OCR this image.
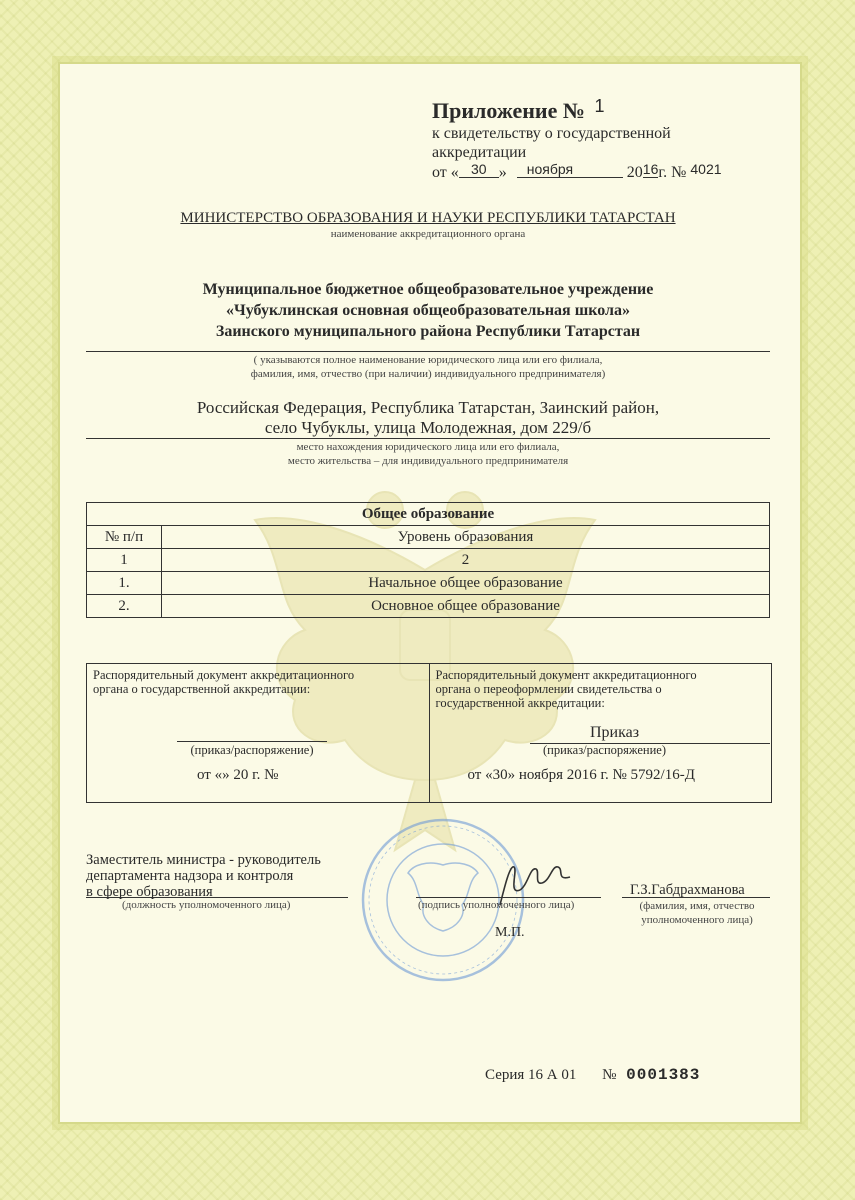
Приложение № $^1$
к свидетельству о государственной
аккредитации
от « 30 » ноября	2016г. № 4021
МИНИСТЕРСТВО ОБРАЗОВАНИЯ И НАУКИ РЕСПУБЛИКИ ТАТАРСТАН
наименование аккредитационного органа
Муниципальное бюджетное общеобразовательное учреждение
«Чубуклинская основная общеобразовательная школа»
Заинского муниципального района Республики Татарстан
( указываются полное наименование юридического лица или его филиала,
фамилия, имя, отчество (при наличии) индивидуального предпринимателя)
Российская Федерация, Республика Татарстан, Заинский район,
село Чубуклы, улица Молодежная, дом 229/б
место нахождения юридического лица или его филиала,
место жительства – для индивидуального предпринимателя
Общее образование	
№ п/п	Уровень образования
1	2
1.	Начальное общее образование
2.	Основное общее образование
Распорядительный документ аккредитационного
органа о государственной аккредитации:
(приказ/распоряжение)
от «» 20 г. №
Распорядительный документ аккредитационного
органа о переоформлении свидетельства о
государственной аккредитации:
Приказ
(приказ/распоряжение)
от «30» ноября 2016 г. № 5792/16-Д
Заместитель министра - руководитель
департамента надзора и контроля
в сфере образования
(должность уполномоченного лица)	(подпись уполномоченного лица)
М.П.
Г.З.Габдрахманова
(фамилия, имя, отчество
уполномоченного лица)
Серия 16 А 01 № 0001383
